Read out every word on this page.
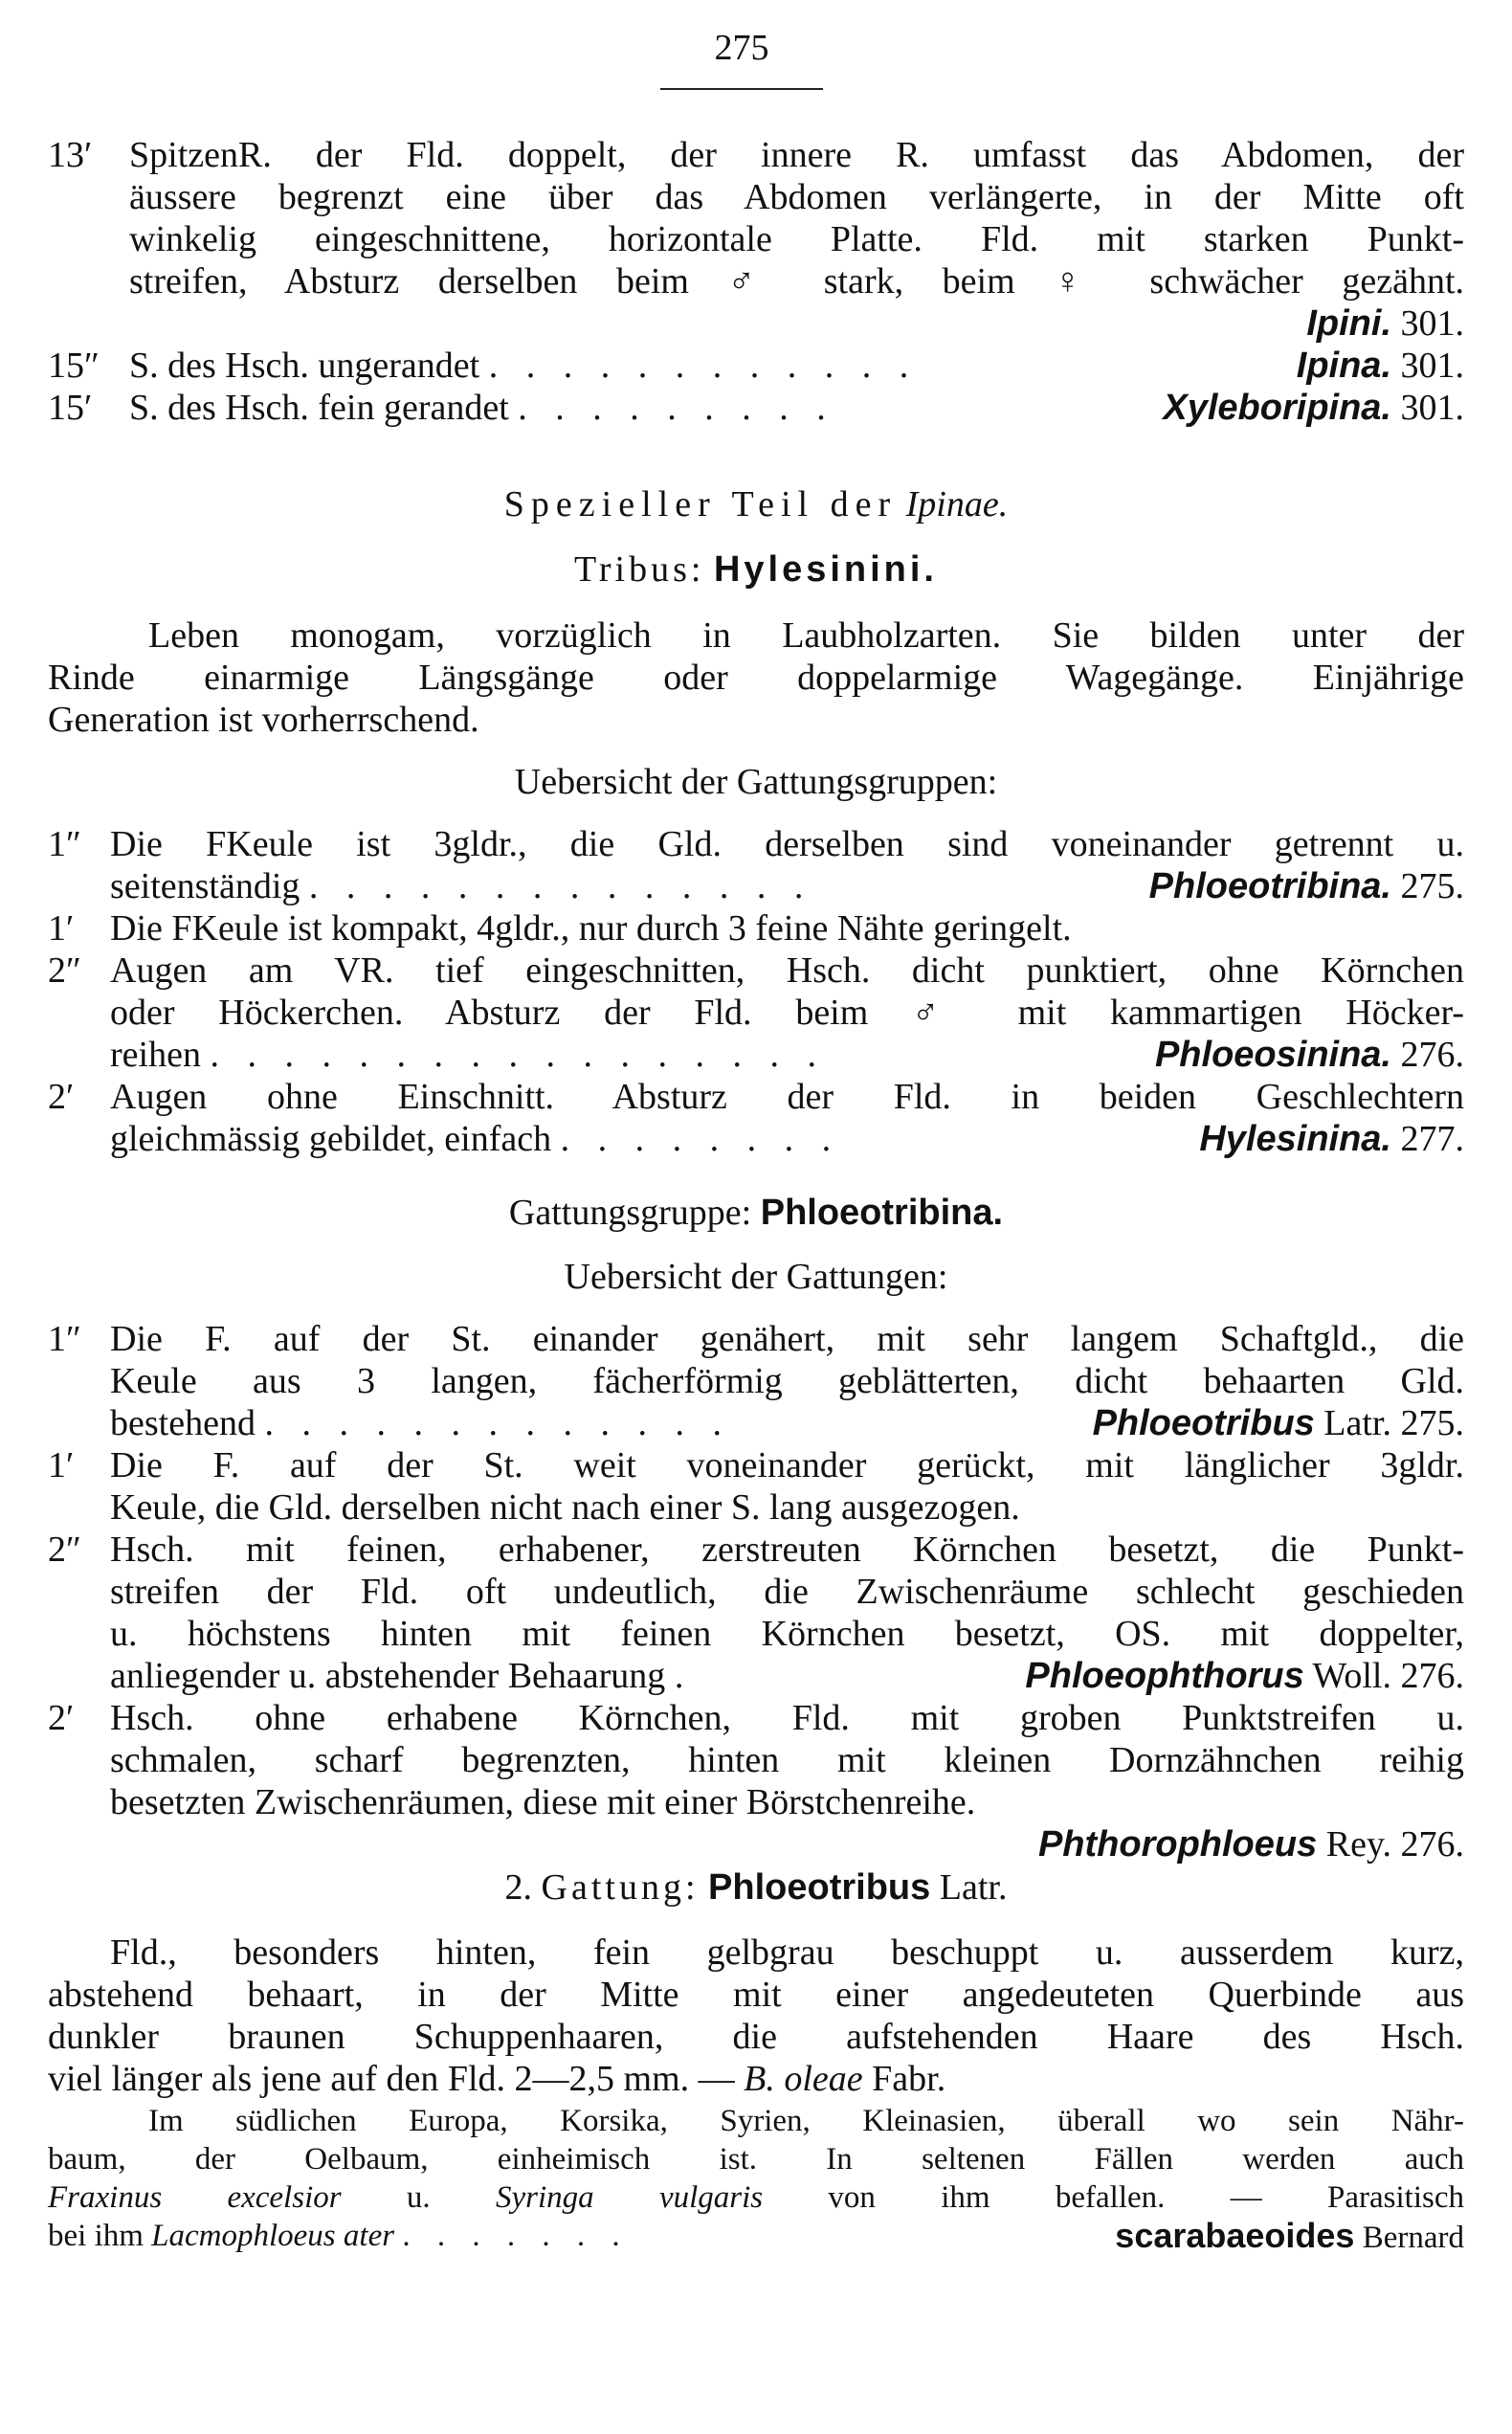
275
13′	SpitzenR. der Fld. doppelt, der innere R. umfasst das Abdomen, der
äussere begrenzt eine über das Abdomen verlängerte, in der Mitte oft
winkelig eingeschnittene, horizontale Platte. Fld. mit starken Punkt-
streifen, Absturz derselben beim ♂ stark, beim ♀ schwächer gezähnt.
Ipini. 301.
15″ S. des Hsch. ungerandet . . . . . . . . . . . .	Ipina. 301.
15′	S. des Hsch. fein gerandet . . . . . . . . .	Xyleboripina. 301.
Spezieller Teil der Ipinae.
Tribus: Hylesinini.
Leben monogam, vorzüglich in Laubholzarten. Sie bilden unter der
Rinde einarmige Längsgänge oder doppelarmige Wagegänge. Einjährige
Generation ist vorherrschend.
Uebersicht der Gattungsgruppen:
1″ Die FKeule ist 3gldr., die Gld. derselben sind voneinander getrennt u.
seitenständig . . . . . . . . . . . . . .	Phloeotribina. 275.
1′ Die FKeule ist kompakt, 4gldr., nur durch 3 feine Nähte geringelt.
2″ Augen am VR. tief eingeschnitten, Hsch. dicht punktiert, ohne Körnchen
oder Höckerchen. Absturz der Fld. beim ♂ mit kammartigen Höcker-
reihen . . . . . . . . . . . . . . . . .	Phloeosinina. 276.
2′ Augen ohne Einschnitt. Absturz der Fld. in beiden Geschlechtern
gleichmässig gebildet, einfach . . . . . . . .	Hylesinina. 277.
Gattungsgruppe: Phloeotribina.
Uebersicht der Gattungen:
1″ Die F. auf der St. einander genähert, mit sehr langem Schaftgld., die
Keule aus 3 langen, fächerförmig geblätterten, dicht behaarten Gld.
bestehend . . . . . . . . . . . . .	Phloeotribus Latr. 275.
1′ Die F. auf der St. weit voneinander gerückt, mit länglicher 3gldr.
Keule, die Gld. derselben nicht nach einer S. lang ausgezogen.
2″ Hsch. mit feinen, erhabener, zerstreuten Körnchen besetzt, die Punkt-
streifen der Fld. oft undeutlich, die Zwischenräume schlecht geschieden
u. höchstens hinten mit feinen Körnchen besetzt, OS. mit doppelter,
anliegender u. abstehender Behaarung .	Phloeophthorus Woll. 276.
2′ Hsch. ohne erhabene Körnchen, Fld. mit groben Punktstreifen u.
schmalen, scharf begrenzten, hinten mit kleinen Dornzähnchen reihig
besetzten Zwischenräumen, diese mit einer Börstchenreihe.
Phthorophloeus Rey. 276.
2. Gattung: Phloeotribus Latr.
Fld., besonders hinten, fein gelbgrau beschuppt u. ausserdem kurz,
abstehend behaart, in der Mitte mit einer angedeuteten Querbinde aus
dunkler braunen Schuppenhaaren, die aufstehenden Haare des Hsch.
viel länger als jene auf den Fld. 2—2,5 mm. — B. oleae Fabr.
Im südlichen Europa, Korsika, Syrien, Kleinasien, überall wo sein Nähr-
baum, der Oelbaum, einheimisch ist. In seltenen Fällen werden auch
Fraxinus excelsior u. Syringa vulgaris von ihm befallen. — Parasitisch
bei ihm Lacmophloeus ater . . . . . . .	scarabaeoides Bernard
